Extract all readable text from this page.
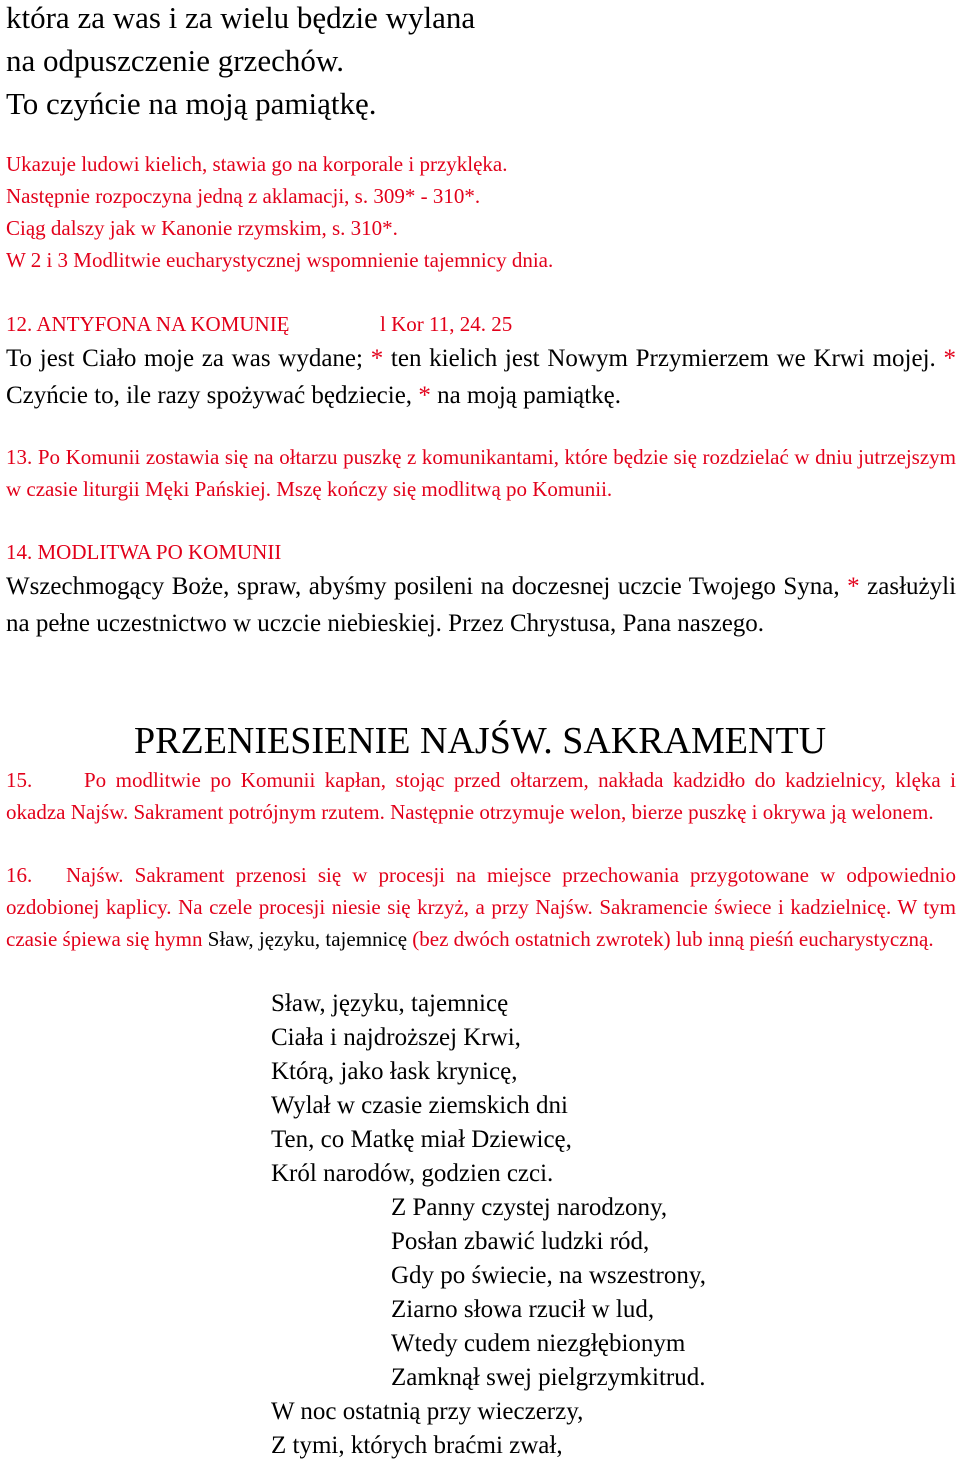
która za was i za wielu będzie wylana
na odpuszczenie grzechów.
To czyńcie na moją pamiątkę.
Ukazuje ludowi kielich, stawia go na korporale i przyklęka.
Następnie rozpoczyna jedną z aklamacji, s. 309* - 310*.
Ciąg dalszy jak w Kanonie rzymskim, s. 310*.
W 2 i 3 Modlitwie eucharystycznej wspomnienie tajemnicy dnia.
12. ANTYFONA NA KOMUNIĘ	l Kor 11, 24. 25
To jest Ciało moje za was wydane; * ten kielich jest Nowym Przymierzem we Krwi mojej. * Czyńcie to, ile razy spożywać będziecie, * na moją pamiątkę.
13. Po Komunii zostawia się na ołtarzu puszkę z komunikantami, które będzie się rozdzielać w dniu jutrzejszym w czasie liturgii Męki Pańskiej. Mszę kończy się modlitwą po Komunii.
14. MODLITWA PO KOMUNII
Wszechmogący Boże, spraw, abyśmy posileni na doczesnej uczcie Twojego Syna, * zasłużyli na pełne uczestnictwo w uczcie niebieskiej. Przez Chrystusa, Pana naszego.
PRZENIESIENIE NAJŚW. SAKRAMENTU
15. Po modlitwie po Komunii kapłan, stojąc przed ołtarzem, nakłada kadzidło do kadzielnicy, klęka i okadza Najśw. Sakrament potrójnym rzutem. Następnie otrzymuje welon, bierze puszkę i okrywa ją welonem.
16. Najśw. Sakrament przenosi się w procesji na miejsce przechowania przygotowane w odpowiednio ozdobionej kaplicy. Na czele procesji niesie się krzyż, a przy Najśw. Sakramencie świece i kadzielnicę. W tym czasie śpiewa się hymn Sław, języku, tajemnicę (bez dwóch ostatnich zwrotek) lub inną pieśń eucharystyczną.
Sław, języku, tajemnicę
Ciała i najdroższej Krwi,
Którą, jako łask krynicę,
Wylał w czasie ziemskich dni
Ten, co Matkę miał Dziewicę,
Król narodów, godzien czci.
Z Panny czystej narodzony,
Posłan zbawić ludzki ród,
Gdy po świecie, na wszestrony,
Ziarno słowa rzucił w lud,
Wtedy cudem niezgłębionym
Zamknął swej pielgrzymkitrud.
W noc ostatnią przy wieczerzy,
Z tymi, których braćmi zwał,
